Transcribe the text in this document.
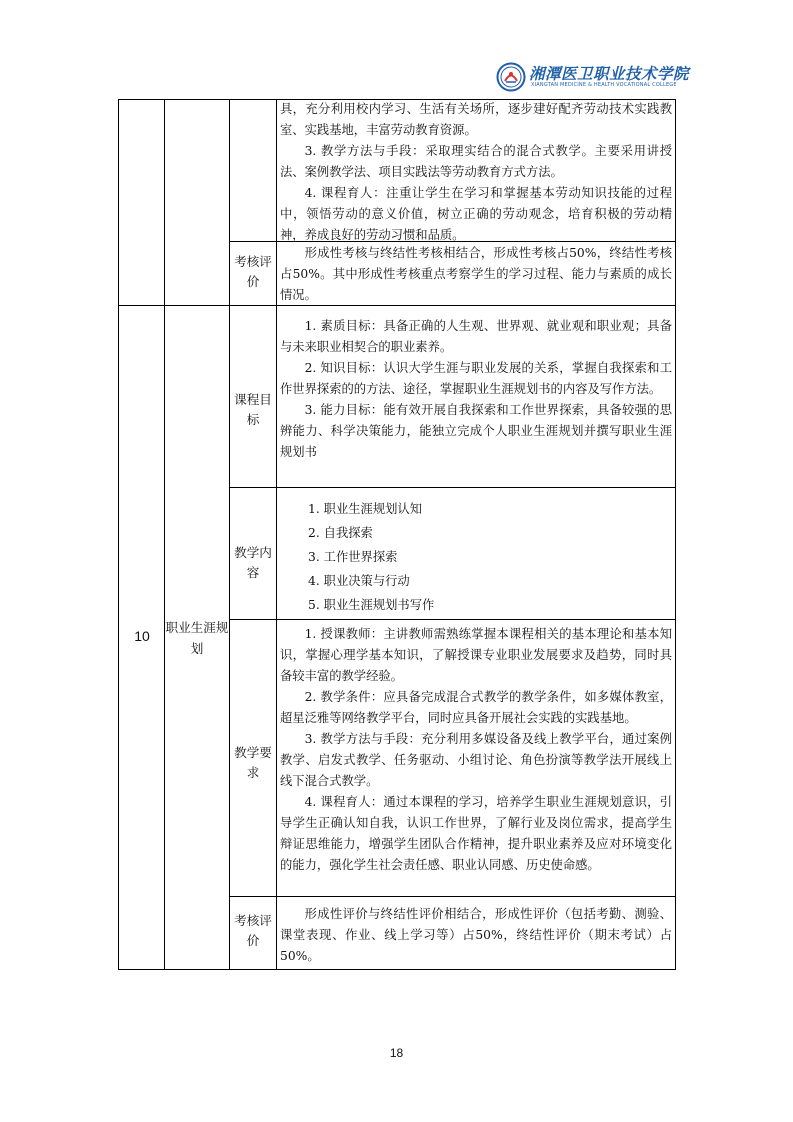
湘潭医卫职业技术学院
XIANGTAN MEDICINE & HEALTH VOCATIONAL COLLEGE

具，充分利用校内学习、生活有关场所，逐步建好配齐劳动技术实践教室、实践基地，丰富劳动教育资源。

3. 教学方法与手段：采取理实结合的混合式教学。主要采用讲授法、案例教学法、项目实践法等劳动教育方式方法。

4. 课程育人：注重让学生在学习和掌握基本劳动知识技能的过程中，领悟劳动的意义价值，树立正确的劳动观念，培育积极的劳动精神，养成良好的劳动习惯和品质。

考核评价

形成性考核与终结性考核相结合，形成性考核占50%，终结性考核占50%。其中形成性考核重点考察学生的学习过程、能力与素质的成长情况。

10
职业生涯规划
课程目标

1. 素质目标：具备正确的人生观、世界观、就业观和职业观；具备与未来职业相契合的职业素养。

2. 知识目标：认识大学生涯与职业发展的关系，掌握自我探索和工作世界探索的的方法、途径，掌握职业生涯规划书的内容及写作方法。

3. 能力目标：能有效开展自我探索和工作世界探索，具备较强的思辨能力、科学决策能力，能独立完成个人职业生涯规划并撰写职业生涯规划书

教学内容

1. 职业生涯规划认知

2. 自我探索

3. 工作世界探索

4. 职业决策与行动

5. 职业生涯规划书写作

教学要求

1. 授课教师：主讲教师需熟练掌握本课程相关的基本理论和基本知识，掌握心理学基本知识，了解授课专业职业发展要求及趋势，同时具备较丰富的教学经验。

2. 教学条件：应具备完成混合式教学的教学条件，如多媒体教室，超星泛雅等网络教学平台，同时应具备开展社会实践的实践基地。

3. 教学方法与手段：充分利用多媒设备及线上教学平台，通过案例教学、启发式教学、任务驱动、小组讨论、角色扮演等教学法开展线上线下混合式教学。

4. 课程育人：通过本课程的学习，培养学生职业生涯规划意识，引导学生正确认知自我，认识工作世界，了解行业及岗位需求，提高学生辩证思维能力，增强学生团队合作精神，提升职业素养及应对环境变化的能力，强化学生社会责任感、职业认同感、历史使命感。

考核评价

形成性评价与终结性评价相结合，形成性评价（包括考勤、测验、课堂表现、作业、线上学习等）占50%，终结性评价（期末考试）占50%。

18
